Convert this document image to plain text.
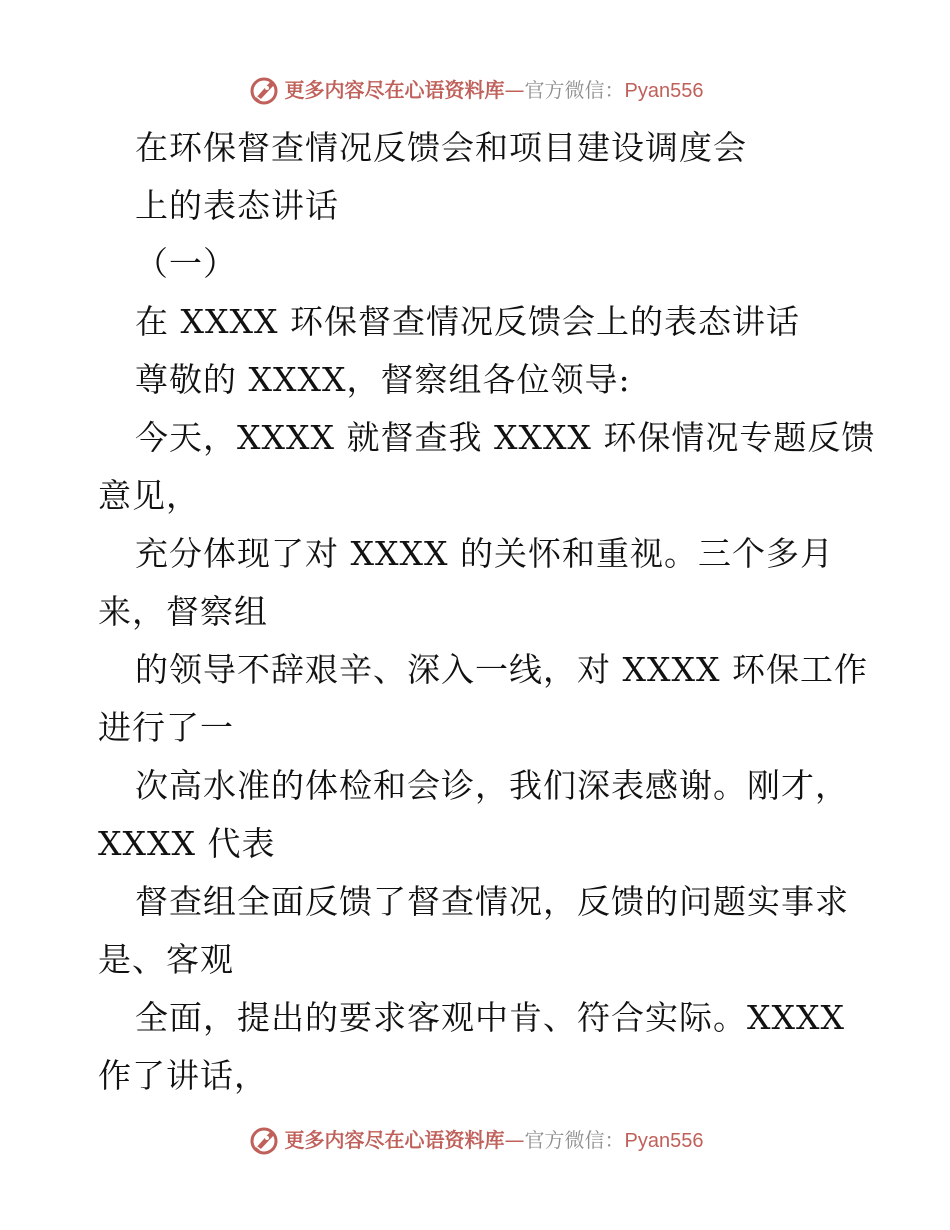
更多内容尽在心语资料库—官方微信：Pyan556
在环保督查情况反馈会和项目建设调度会
上的表态讲话
（一）
在 XXXX 环保督查情况反馈会上的表态讲话
尊敬的 XXXX，督察组各位领导:
今天，XXXX 就督查我 XXXX 环保情况专题反馈
意见，
充分体现了对 XXXX 的关怀和重视。三个多月
来，督察组
的领导不辞艰辛、深入一线，对 XXXX 环保工作
进行了一
次高水准的体检和会诊，我们深表感谢。刚才，
XXXX 代表
督查组全面反馈了督查情况，反馈的问题实事求
是、客观
全面，提出的要求客观中肯、符合实际。XXXX
作了讲话，
更多内容尽在心语资料库—官方微信：Pyan556
